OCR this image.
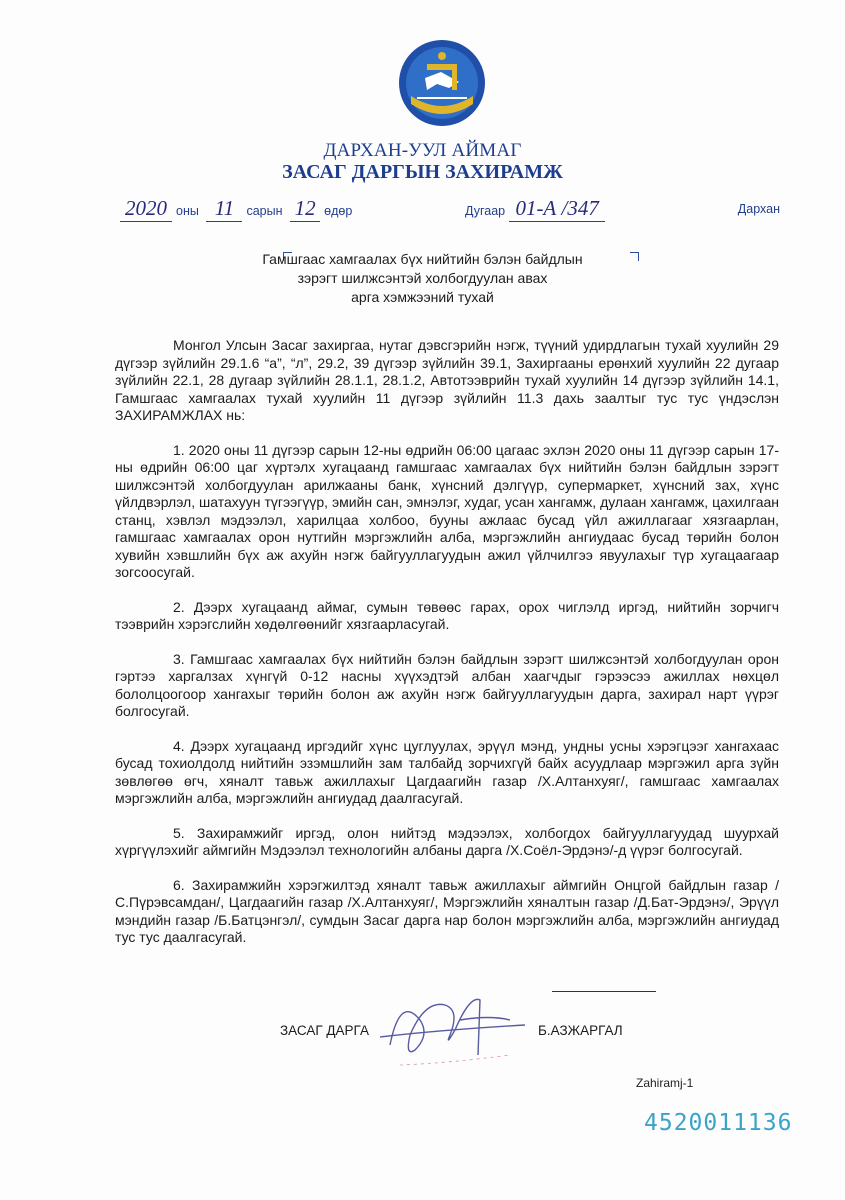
ДАРХАН-УУЛ АЙМАГ
ЗАСАГ ДАРГЫН ЗАХИРАМЖ
2020 оны 11 сарын 12 өдөр	Дугаар 01-А /347	Дархан
Гамшгаас хамгаалах бүх нийтийн бэлэн байдлын
зэрэгт шилжсэнтэй холбогдуулан авах
арга хэмжээний тухай

Монгол Улсын Засаг захиргаа, нутаг дэвсгэрийн нэгж, түүний удирдлагын тухай хуулийн 29 дүгээр зүйлийн 29.1.6 “а”, “л”, 29.2, 39 дүгээр зүйлийн 39.1, Захиргааны ерөнхий хуулийн 22 дугаар зүйлийн 22.1, 28 дугаар зүйлийн 28.1.1, 28.1.2, Автотээврийн тухай хуулийн 14 дүгээр зүйлийн 14.1, Гамшгаас хамгаалах тухай хуулийн 11 дүгээр зүйлийн 11.3 дахь заалтыг тус тус үндэслэн ЗАХИРАМЖЛАХ нь:

1. 2020 оны 11 дүгээр сарын 12-ны өдрийн 06:00 цагаас эхлэн 2020 оны 11 дүгээр сарын 17-ны өдрийн 06:00 цаг хүртэлх хугацаанд гамшгаас хамгаалах бүх нийтийн бэлэн байдлын зэрэгт шилжсэнтэй холбогдуулан арилжааны банк, хүнсний дэлгүүр, супермаркет, хүнсний зах, хүнс үйлдвэрлэл, шатахуун түгээгүүр, эмийн сан, эмнэлэг, худаг, усан хангамж, дулаан хангамж, цахилгаан станц, хэвлэл мэдээлэл, харилцаа холбоо, бууны ажлаас бусад үйл ажиллагааг хязгаарлан, гамшгаас хамгаалах орон нутгийн мэргэжлийн алба, мэргэжлийн ангиудаас бусад төрийн болон хувийн хэвшлийн бүх аж ахуйн нэгж байгууллагуудын ажил үйлчилгээ явуулахыг түр хугацаагаар зогсоосугай.

2. Дээрх хугацаанд аймаг, сумын төвөөс гарах, орох чиглэлд иргэд, нийтийн зорчигч тээврийн хэрэгслийн хөдөлгөөнийг хязгаарласугай.

3. Гамшгаас хамгаалах бүх нийтийн бэлэн байдлын зэрэгт шилжсэнтэй холбогдуулан орон гэртээ харгалзах хүнгүй 0-12 насны хүүхэдтэй албан хаагчдыг гэрээсээ ажиллах нөхцөл бололцоогоор хангахыг төрийн болон аж ахуйн нэгж байгууллагуудын дарга, захирал нарт үүрэг болгосугай.

4. Дээрх хугацаанд иргэдийг хүнс цуглуулах, эрүүл мэнд, ундны усны хэрэгцээг хангахаас бусад тохиолдолд нийтийн эзэмшлийн зам талбайд зорчихгүй байх асуудлаар мэргэжил арга зүйн зөвлөгөө өгч, хяналт тавьж ажиллахыг Цагдаагийн газар /Х.Алтанхуяг/, гамшгаас хамгаалах мэргэжлийн алба, мэргэжлийн ангиудад даалгасугай.

5. Захирамжийг иргэд, олон нийтэд мэдээлэх, холбогдох байгууллагуудад шуурхай хүргүүлэхийг аймгийн Мэдээлэл технологийн албаны дарга /Х.Соёл-Эрдэнэ/-д үүрэг болгосугай.

6. Захирамжийн хэрэгжилтэд хяналт тавьж ажиллахыг аймгийн Онцгой байдлын газар /С.Пүрэвсамдан/, Цагдаагийн газар /Х.Алтанхуяг/, Мэргэжлийн хяналтын газар /Д.Бат-Эрдэнэ/, Эрүүл мэндийн газар /Б.Батцэнгэл/, сумдын Засаг дарга нар болон мэргэжлийн алба, мэргэжлийн ангиудад тус тус даалгасугай.

ЗАСАГ ДАРГА	Б.АЗЖАРГАЛ
Zahiramj-1
4520011136
